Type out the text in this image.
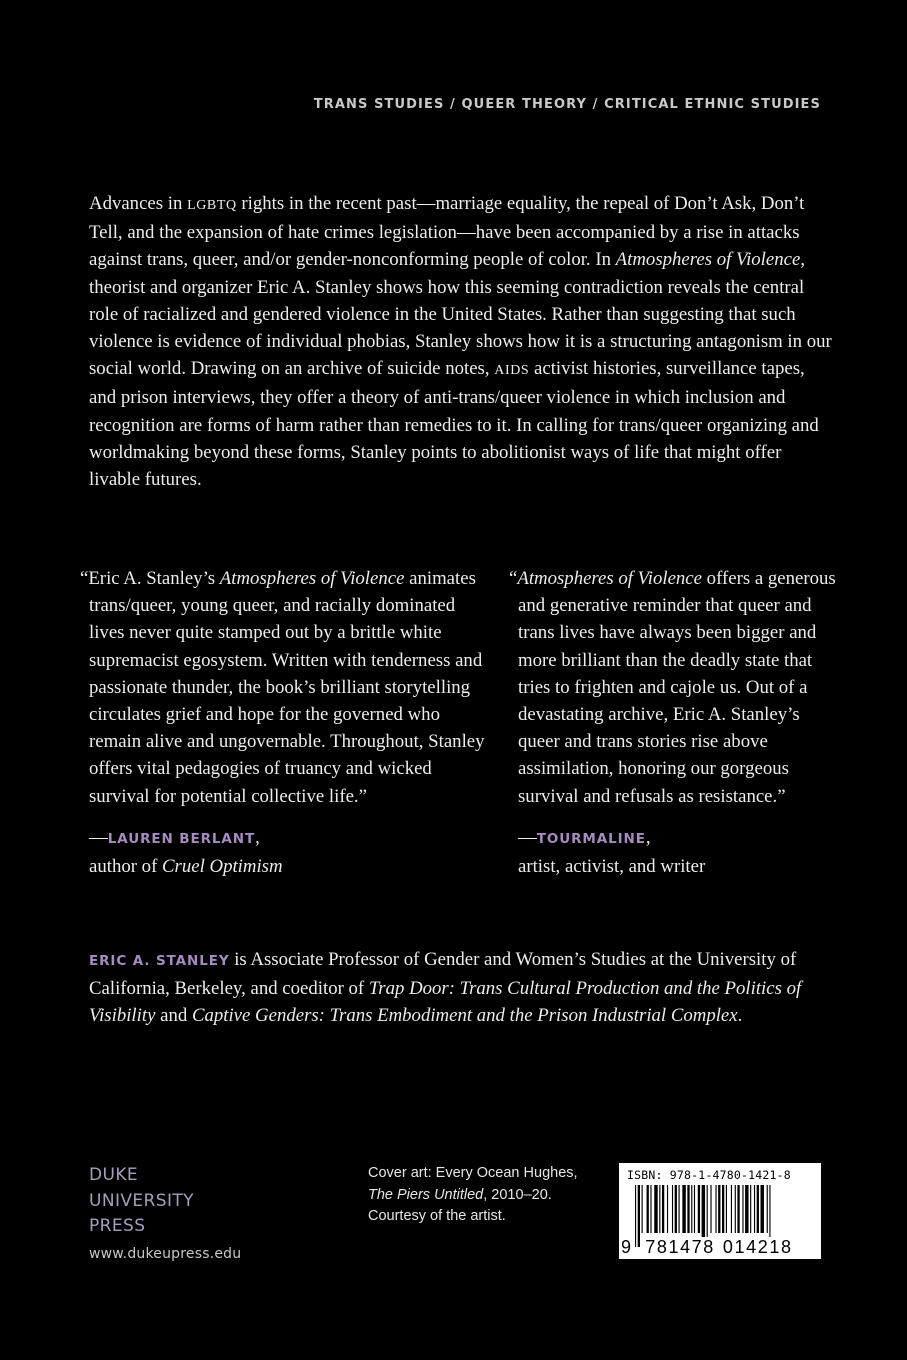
TRANS STUDIES / QUEER THEORY / CRITICAL ETHNIC STUDIES
Advances in LGBTQ rights in the recent past—marriage equality, the repeal of Don’t Ask, Don’t Tell, and the expansion of hate crimes legislation—have been accompanied by a rise in attacks against trans, queer, and/or gender-nonconforming people of color. In Atmospheres of Violence, theorist and organizer Eric A. Stanley shows how this seeming contradiction reveals the central role of racialized and gendered violence in the United States. Rather than suggesting that such violence is evidence of individual phobias, Stanley shows how it is a structuring antagonism in our social world. Drawing on an archive of suicide notes, AIDS activist histories, surveillance tapes, and prison interviews, they offer a theory of anti-trans/queer violence in which inclusion and recognition are forms of harm rather than remedies to it. In calling for trans/queer organizing and worldmaking beyond these forms, Stanley points to abolitionist ways of life that might offer livable futures.
“Eric A. Stanley’s Atmospheres of Violence animates trans/queer, young queer, and racially dominated lives never quite stamped out by a brittle white supremacist egosystem. Written with tenderness and passionate thunder, the book’s brilliant storytelling circulates grief and hope for the governed who remain alive and ungovernable. Throughout, Stanley offers vital pedagogies of truancy and wicked survival for potential collective life.”
—LAUREN BERLANT,
author of Cruel Optimism
“Atmospheres of Violence offers a generous and generative reminder that queer and trans lives have always been bigger and more brilliant than the deadly state that tries to frighten and cajole us. Out of a devastating archive, Eric A. Stanley’s queer and trans stories rise above assimilation, honoring our gorgeous survival and refusals as resistance.”
—TOURMALINE,
artist, activist, and writer
ERIC A. STANLEY is Associate Professor of Gender and Women’s Studies at the University of California, Berkeley, and coeditor of Trap Door: Trans Cultural Production and the Politics of Visibility and Captive Genders: Trans Embodiment and the Prison Industrial Complex.
DUKE
UNIVERSITY
PRESS
www.dukeupress.edu
Cover art: Every Ocean Hughes,
The Piers Untitled, 2010–20.
Courtesy of the artist.
ISBN: 978-1-4780-1421-8
9 781478 014218
